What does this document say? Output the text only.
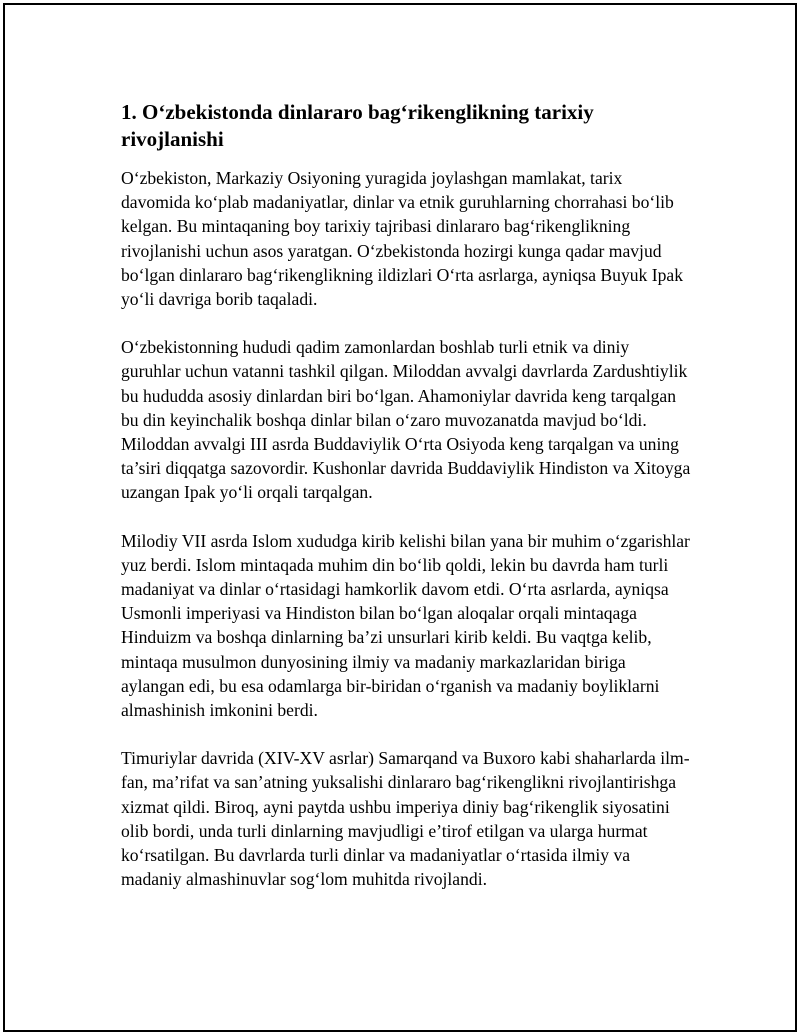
1. O‘zbekistonda dinlararo bag‘rikenglikning tarixiy rivojlanishi

O‘zbekiston, Markaziy Osiyoning yuragida joylashgan mamlakat, tarix davomida ko‘plab madaniyatlar, dinlar va etnik guruhlarning chorrahasi bo‘lib kelgan. Bu mintaqaning boy tarixiy tajribasi dinlararo bag‘rikenglikning rivojlanishi uchun asos yaratgan. O‘zbekistonda hozirgi kunga qadar mavjud bo‘lgan dinlararo bag‘rikenglikning ildizlari O‘rta asrlarga, ayniqsa Buyuk Ipak yo‘li davriga borib taqaladi.

O‘zbekistonning hududi qadim zamonlardan boshlab turli etnik va diniy guruhlar uchun vatanni tashkil qilgan. Miloddan avvalgi davrlarda Zardushtiylik bu hududda asosiy dinlardan biri bo‘lgan. Ahamoniylar davrida keng tarqalgan bu din keyinchalik boshqa dinlar bilan o‘zaro muvozanatda mavjud bo‘ldi. Miloddan avvalgi III asrda Buddaviylik O‘rta Osiyoda keng tarqalgan va uning ta’siri diqqatga sazovordir. Kushonlar davrida Buddaviylik Hindiston va Xitoyga uzangan Ipak yo‘li orqali tarqalgan.

Milodiy VII asrda Islom xududga kirib kelishi bilan yana bir muhim o‘zgarishlar yuz berdi. Islom mintaqada muhim din bo‘lib qoldi, lekin bu davrda ham turli madaniyat va dinlar o‘rtasidagi hamkorlik davom etdi. O‘rta asrlarda, ayniqsa Usmonli imperiyasi va Hindiston bilan bo‘lgan aloqalar orqali mintaqaga Hinduizm va boshqa dinlarning ba’zi unsurlari kirib keldi. Bu vaqtga kelib, mintaqa musulmon dunyosining ilmiy va madaniy markazlaridan biriga aylangan edi, bu esa odamlarga bir-biridan o‘rganish va madaniy boyliklarni almashinish imkonini berdi.

Timuriylar davrida (XIV-XV asrlar) Samarqand va Buxoro kabi shaharlarda ilm-fan, ma’rifat va san’atning yuksalishi dinlararo bag‘rikenglikni rivojlantirishga xizmat qildi. Biroq, ayni paytda ushbu imperiya diniy bag‘rikenglik siyosatini olib bordi, unda turli dinlarning mavjudligi e’tirof etilgan va ularga hurmat ko‘rsatilgan. Bu davrlarda turli dinlar va madaniyatlar o‘rtasida ilmiy va madaniy almashinuvlar sog‘lom muhitda rivojlandi.
